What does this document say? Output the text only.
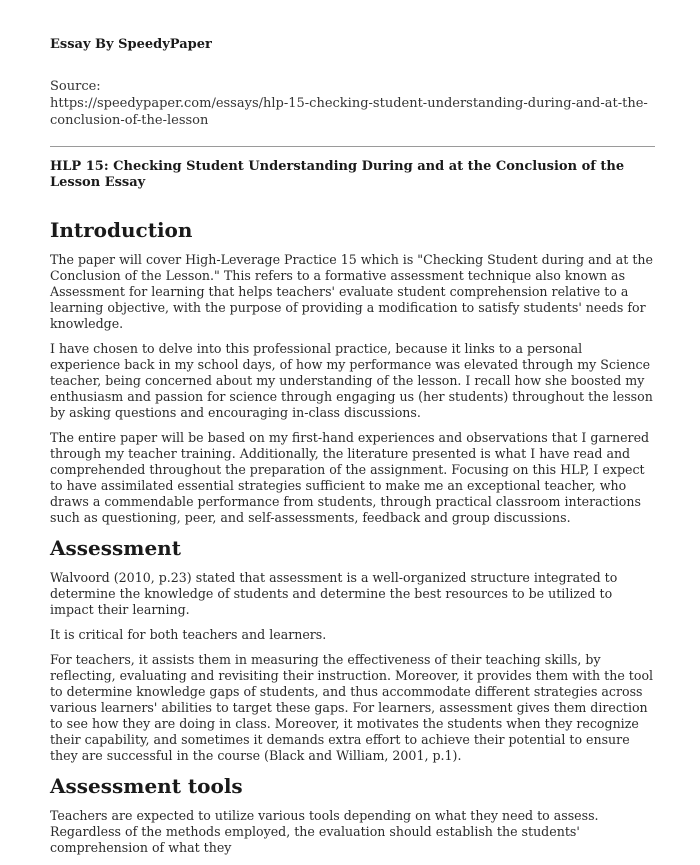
Essay By SpeedyPaper
Source:
https://speedypaper.com/essays/hlp-15-checking-student-understanding-during-and-at-the-conclusion-of-the-lesson
HLP 15: Checking Student Understanding During and at the Conclusion of the Lesson Essay
Introduction

The paper will cover High-Leverage Practice 15 which is "Checking Student during and at the Conclusion of the Lesson." This refers to a formative assessment technique also known as Assessment for learning that helps teachers' evaluate student comprehension relative to a learning objective, with the purpose of providing a modification to satisfy students' needs for knowledge.

I have chosen to delve into this professional practice, because it links to a personal experience back in my school days, of how my performance was elevated through my Science teacher, being concerned about my understanding of the lesson. I recall how she boosted my enthusiasm and passion for science through engaging us (her students) throughout the lesson by asking questions and encouraging in-class discussions.

The entire paper will be based on my first-hand experiences and observations that I garnered through my teacher training. Additionally, the literature presented is what I have read and comprehended throughout the preparation of the assignment. Focusing on this HLP, I expect to have assimilated essential strategies sufficient to make me an exceptional teacher, who draws a commendable performance from students, through practical classroom interactions such as questioning, peer, and self-assessments, feedback and group discussions.

Assessment

Walvoord (2010, p.23) stated that assessment is a well-organized structure integrated to determine the knowledge of students and determine the best resources to be utilized to impact their learning.

It is critical for both teachers and learners.

For teachers, it assists them in measuring the effectiveness of their teaching skills, by reflecting, evaluating and revisiting their instruction. Moreover, it provides them with the tool to determine knowledge gaps of students, and thus accommodate different strategies across various learners' abilities to target these gaps. For learners, assessment gives them direction to see how they are doing in class. Moreover, it motivates the students when they recognize their capability, and sometimes it demands extra effort to achieve their potential to ensure they are successful in the course (Black and William, 2001, p.1).

Assessment tools

Teachers are expected to utilize various tools depending on what they need to assess. Regardless of the methods employed, the evaluation should establish the students' comprehension of what they
